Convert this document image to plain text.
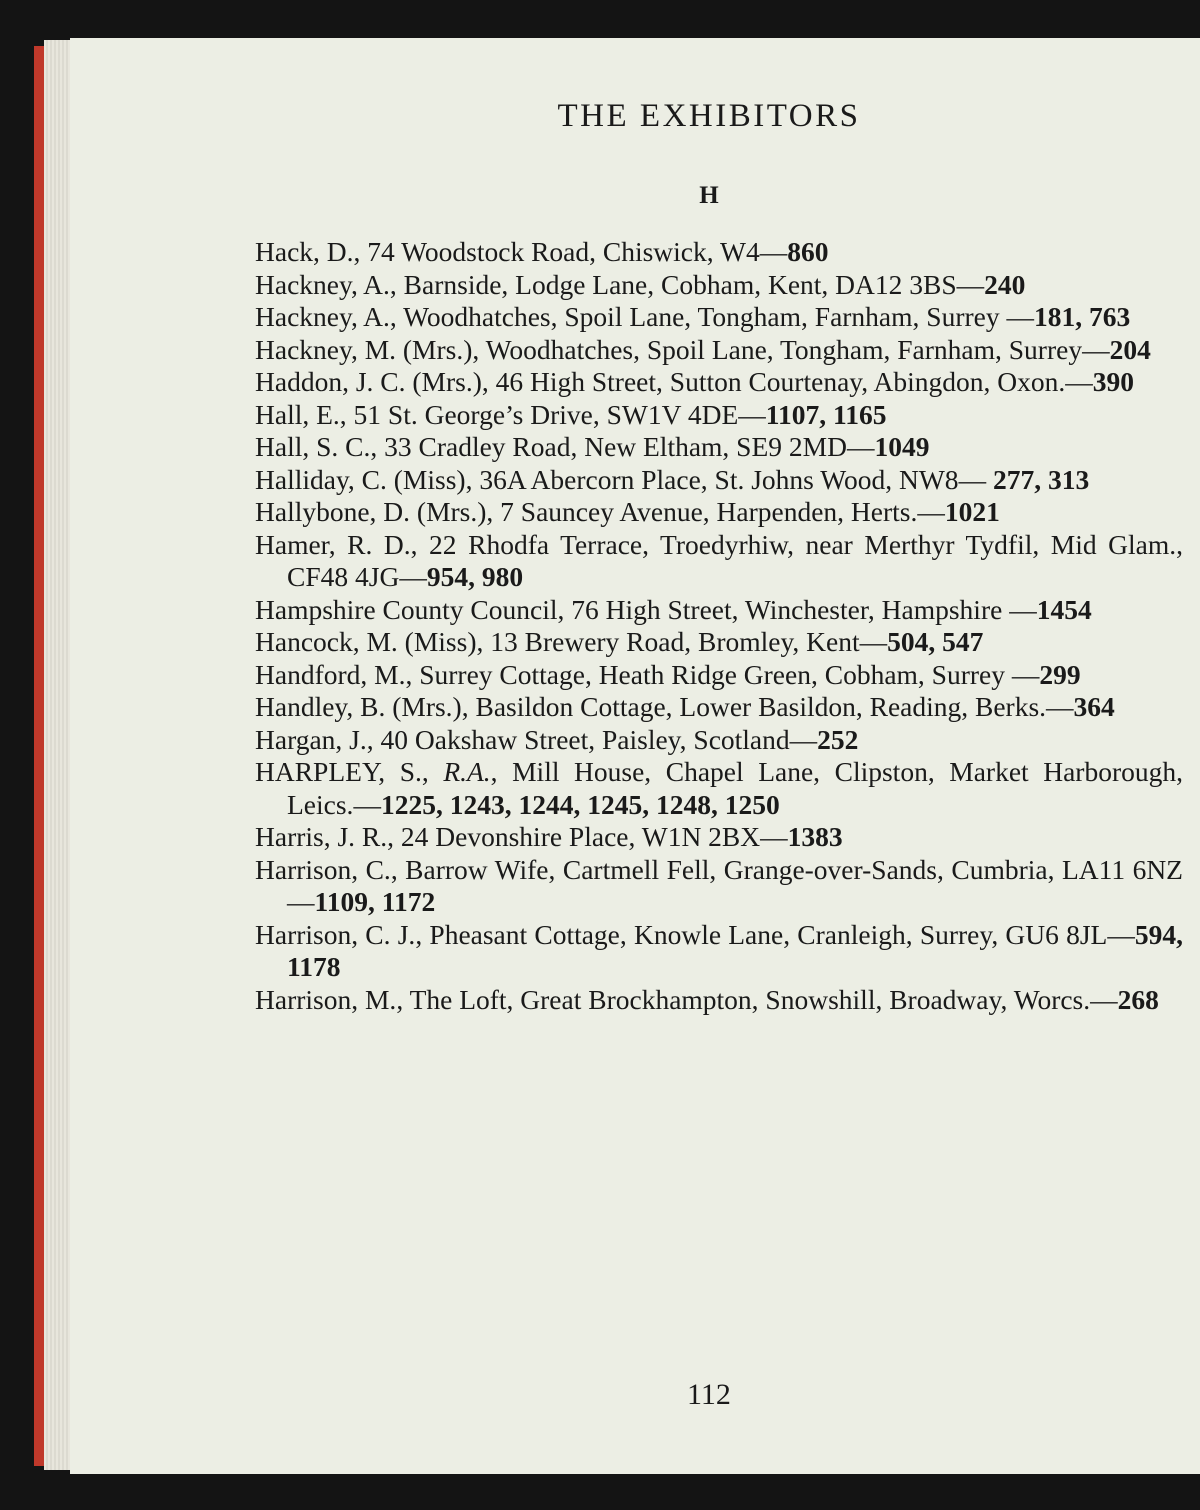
THE EXHIBITORS
H
Hack, D., 74 Woodstock Road, Chiswick, W4—860
Hackney, A., Barnside, Lodge Lane, Cobham, Kent, DA12 3BS—240
Hackney, A., Woodhatches, Spoil Lane, Tongham, Farnham, Surrey —181, 763
Hackney, M. (Mrs.), Woodhatches, Spoil Lane, Tongham, Farnham, Surrey—204
Haddon, J. C. (Mrs.), 46 High Street, Sutton Courtenay, Abingdon, Oxon.—390
Hall, E., 51 St. George’s Drive, SW1V 4DE—1107, 1165
Hall, S. C., 33 Cradley Road, New Eltham, SE9 2MD—1049
Halliday, C. (Miss), 36A Abercorn Place, St. Johns Wood, NW8— 277, 313
Hallybone, D. (Mrs.), 7 Sauncey Avenue, Harpenden, Herts.—1021
Hamer, R. D., 22 Rhodfa Terrace, Troedyrhiw, near Merthyr Tydfil, Mid Glam., CF48 4JG—954, 980
Hampshire County Council, 76 High Street, Winchester, Hampshire —1454
Hancock, M. (Miss), 13 Brewery Road, Bromley, Kent—504, 547
Handford, M., Surrey Cottage, Heath Ridge Green, Cobham, Surrey —299
Handley, B. (Mrs.), Basildon Cottage, Lower Basildon, Reading, Berks.—364
Hargan, J., 40 Oakshaw Street, Paisley, Scotland—252
HARPLEY, S., R.A., Mill House, Chapel Lane, Clipston, Market Harborough, Leics.—1225, 1243, 1244, 1245, 1248, 1250
Harris, J. R., 24 Devonshire Place, W1N 2BX—1383
Harrison, C., Barrow Wife, Cartmell Fell, Grange-over-Sands, Cumbria, LA11 6NZ—1109, 1172
Harrison, C. J., Pheasant Cottage, Knowle Lane, Cranleigh, Surrey, GU6 8JL—594, 1178
Harrison, M., The Loft, Great Brockhampton, Snowshill, Broadway, Worcs.—268
112
